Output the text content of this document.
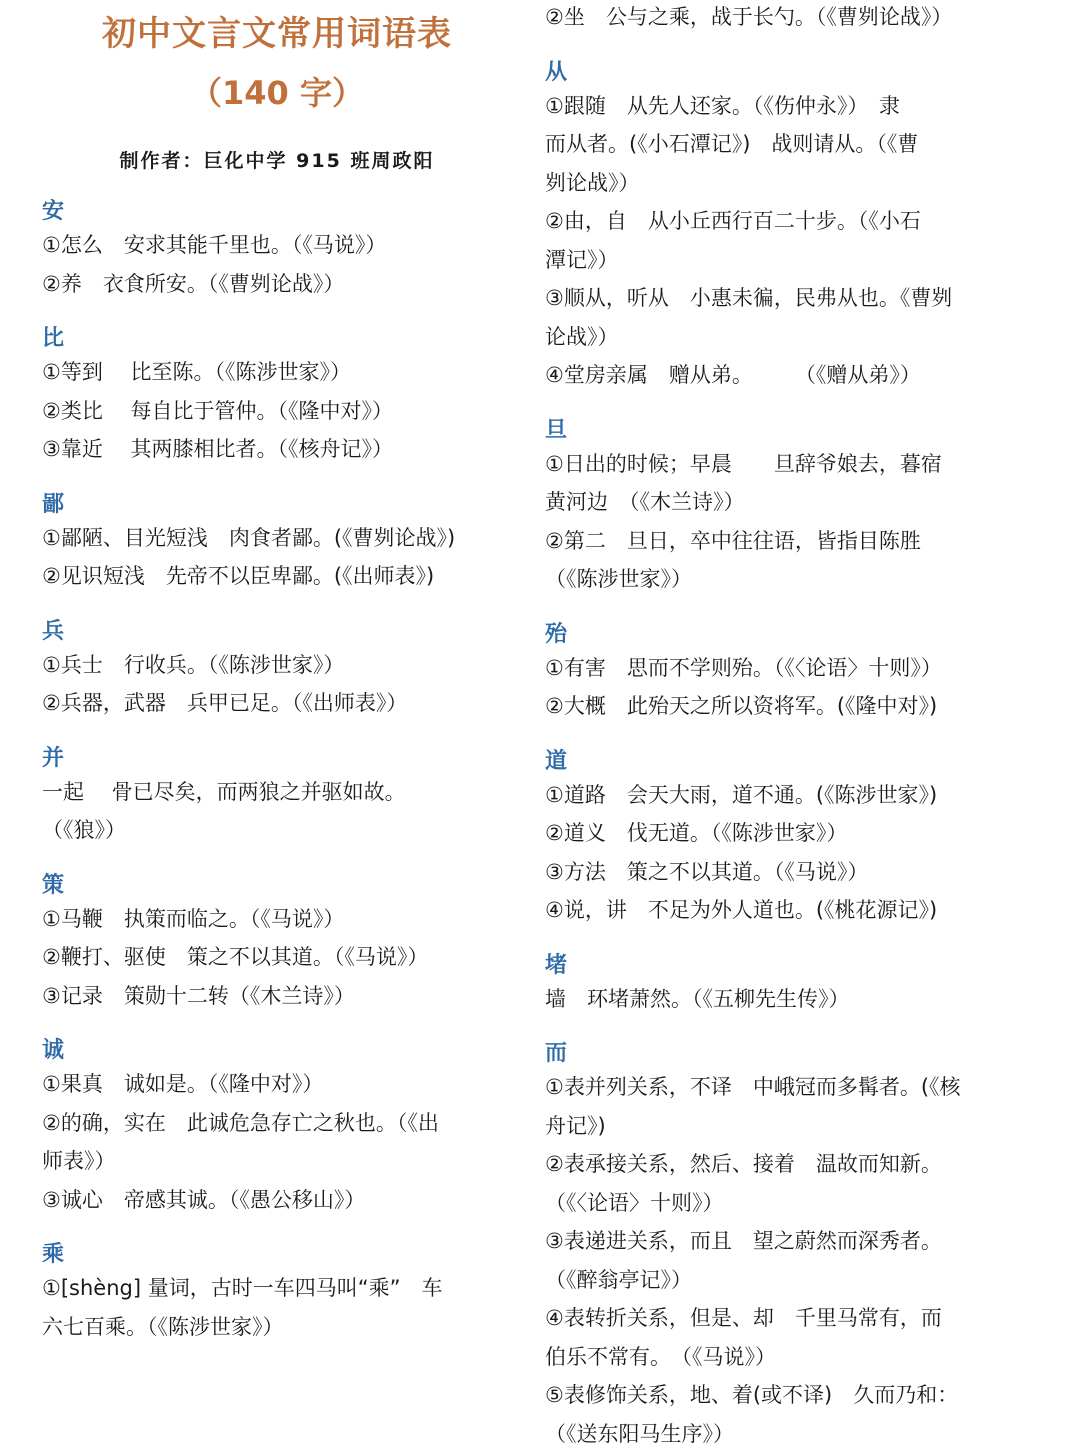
初中文言文常用词语表
（140 字）
制作者：巨化中学 915 班周政阳
安
①怎么　安求其能千里也。（《马说》）
②养　衣食所安。（《曹刿论战》）
比
①等到　 比至陈。（《陈涉世家》）
②类比　 每自比于管仲。（《隆中对》）
③靠近　 其两膝相比者。（《核舟记》）
鄙
①鄙陋、目光短浅　肉食者鄙。(《曹刿论战》)
②见识短浅　先帝不以臣卑鄙。(《出师表》)
兵
①兵士　行收兵。（《陈涉世家》）
②兵器，武器　兵甲已足。（《出师表》）
并
一起　 骨已尽矣，而两狼之并驱如故。
（《狼》）
策
①马鞭　执策而临之。（《马说》）
②鞭打、驱使　策之不以其道。（《马说》）
③记录　策勋十二转（《木兰诗》）
诚
①果真　诚如是。（《隆中对》）
②的确，实在　此诚危急存亡之秋也。（《出
师表》）
③诚心　帝感其诚。（《愚公移山》）
乘
①[shèng] 量词，古时一车四马叫“乘”　车
六七百乘。（《陈涉世家》）
②坐　公与之乘，战于长勺。（《曹刿论战》）
从
①跟随　从先人还家。（《伤仲永》）　隶
而从者。(《小石潭记》)　战则请从。（《曹
刿论战》）
②由，自　从小丘西行百二十步。（《小石
潭记》）
③顺从，听从　小惠未徧，民弗从也。《曹刿
论战》）
④堂房亲属　赠从弟。　　　（《赠从弟》）
旦
①日出的时候；早晨　　旦辞爷娘去，暮宿
黄河边　（《木兰诗》）
②第二　旦日，卒中往往语，皆指目陈胜
（《陈涉世家》）
殆
①有害　思而不学则殆。（《〈论语〉十则》）
②大概　此殆天之所以资将军。(《隆中对》)
道
①道路　会天大雨，道不通。(《陈涉世家》)
②道义　伐无道。（《陈涉世家》）
③方法　策之不以其道。（《马说》）
④说，讲　不足为外人道也。(《桃花源记》)
堵
墙　环堵萧然。（《五柳先生传》）
而
①表并列关系，不译　中峨冠而多髯者。(《核
舟记》)
②表承接关系，然后、接着　温故而知新。
（《〈论语〉十则》）
③表递进关系，而且　望之蔚然而深秀者。
（《醉翁亭记》）
④表转折关系，但是、却　千里马常有，而
伯乐不常有。　（《马说》）
⑤表修饰关系，地、着(或不译)　久而乃和：
（《送东阳马生序》）
